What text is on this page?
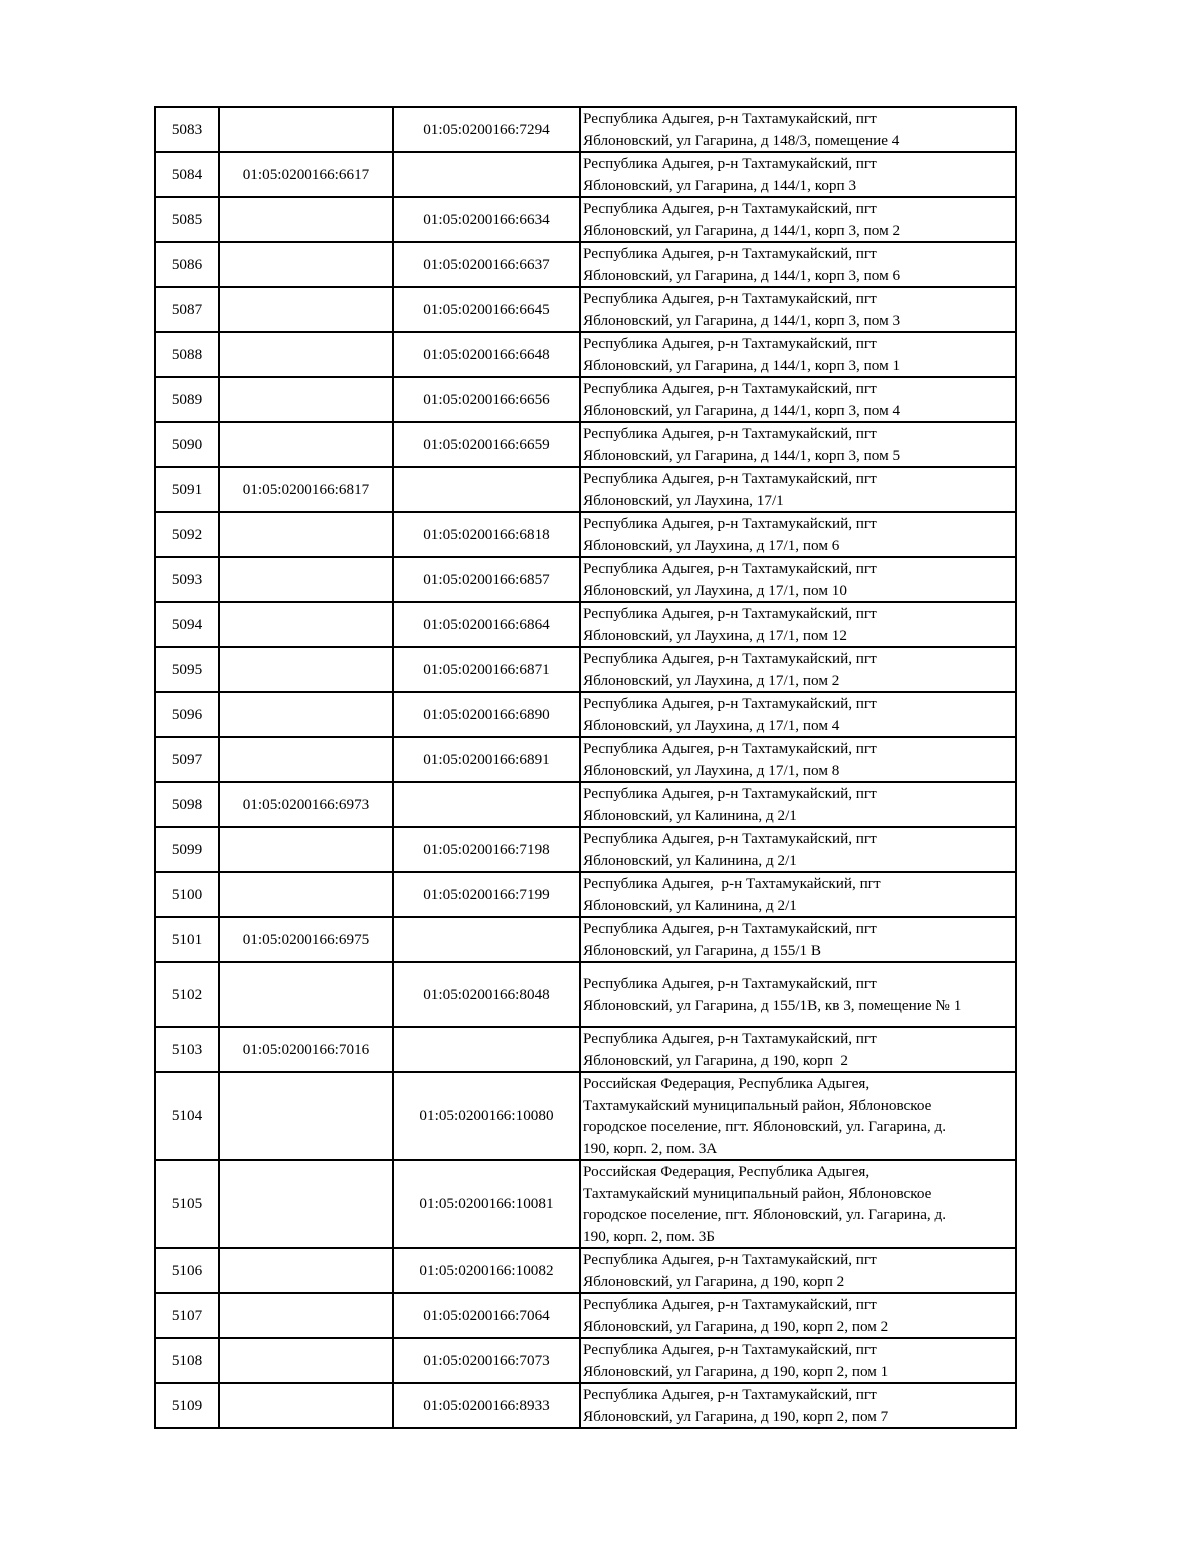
5083		01:05:0200166:7294	Республика Адыгея, р-н Тахтамукайский, пгт
Яблоновский, ул Гагарина, д 148/3, помещение 4

5084	01:05:0200166:6617		Республика Адыгея, р-н Тахтамукайский, пгт
Яблоновский, ул Гагарина, д 144/1, корп 3

5085		01:05:0200166:6634	Республика Адыгея, р-н Тахтамукайский, пгт
Яблоновский, ул Гагарина, д 144/1, корп 3, пом 2

5086		01:05:0200166:6637	Республика Адыгея, р-н Тахтамукайский, пгт
Яблоновский, ул Гагарина, д 144/1, корп 3, пом 6

5087		01:05:0200166:6645	Республика Адыгея, р-н Тахтамукайский, пгт
Яблоновский, ул Гагарина, д 144/1, корп 3, пом 3

5088		01:05:0200166:6648	Республика Адыгея, р-н Тахтамукайский, пгт
Яблоновский, ул Гагарина, д 144/1, корп 3, пом 1

5089		01:05:0200166:6656	Республика Адыгея, р-н Тахтамукайский, пгт
Яблоновский, ул Гагарина, д 144/1, корп 3, пом 4

5090		01:05:0200166:6659	Республика Адыгея, р-н Тахтамукайский, пгт
Яблоновский, ул Гагарина, д 144/1, корп 3, пом 5

5091	01:05:0200166:6817		Республика Адыгея, р-н Тахтамукайский, пгт
Яблоновский, ул Лаухина, 17/1

5092		01:05:0200166:6818	Республика Адыгея, р-н Тахтамукайский, пгт
Яблоновский, ул Лаухина, д 17/1, пом 6

5093		01:05:0200166:6857	Республика Адыгея, р-н Тахтамукайский, пгт
Яблоновский, ул Лаухина, д 17/1, пом 10

5094		01:05:0200166:6864	Республика Адыгея, р-н Тахтамукайский, пгт
Яблоновский, ул Лаухина, д 17/1, пом 12

5095		01:05:0200166:6871	Республика Адыгея, р-н Тахтамукайский, пгт
Яблоновский, ул Лаухина, д 17/1, пом 2

5096		01:05:0200166:6890	Республика Адыгея, р-н Тахтамукайский, пгт
Яблоновский, ул Лаухина, д 17/1, пом 4

5097		01:05:0200166:6891	Республика Адыгея, р-н Тахтамукайский, пгт
Яблоновский, ул Лаухина, д 17/1, пом 8

5098	01:05:0200166:6973		Республика Адыгея, р-н Тахтамукайский, пгт
Яблоновский, ул Калинина, д 2/1

5099		01:05:0200166:7198	Республика Адыгея, р-н Тахтамукайский, пгт
Яблоновский, ул Калинина, д 2/1

5100		01:05:0200166:7199	Республика Адыгея,  р-н Тахтамукайский, пгт
Яблоновский, ул Калинина, д 2/1

5101	01:05:0200166:6975		Республика Адыгея, р-н Тахтамукайский, пгт
Яблоновский, ул Гагарина, д 155/1 В

5102		01:05:0200166:8048	Республика Адыгея, р-н Тахтамукайский, пгт
Яблоновский, ул Гагарина, д 155/1В, кв 3, помещение № 1

5103	01:05:0200166:7016		Республика Адыгея, р-н Тахтамукайский, пгт
Яблоновский, ул Гагарина, д 190, корп  2

5104		01:05:0200166:10080	Российская Федерация, Республика Адыгея,
Тахтамукайский муниципальный район, Яблоновское
городское поселение, пгт. Яблоновский, ул. Гагарина, д.
190, корп. 2, пом. 3А

5105		01:05:0200166:10081	Российская Федерация, Республика Адыгея,
Тахтамукайский муниципальный район, Яблоновское
городское поселение, пгт. Яблоновский, ул. Гагарина, д.
190, корп. 2, пом. 3Б

5106		01:05:0200166:10082	Республика Адыгея, р-н Тахтамукайский, пгт
Яблоновский, ул Гагарина, д 190, корп 2

5107		01:05:0200166:7064	Республика Адыгея, р-н Тахтамукайский, пгт
Яблоновский, ул Гагарина, д 190, корп 2, пом 2

5108		01:05:0200166:7073	Республика Адыгея, р-н Тахтамукайский, пгт
Яблоновский, ул Гагарина, д 190, корп 2, пом 1

5109		01:05:0200166:8933	Республика Адыгея, р-н Тахтамукайский, пгт
Яблоновский, ул Гагарина, д 190, корп 2, пом 7
